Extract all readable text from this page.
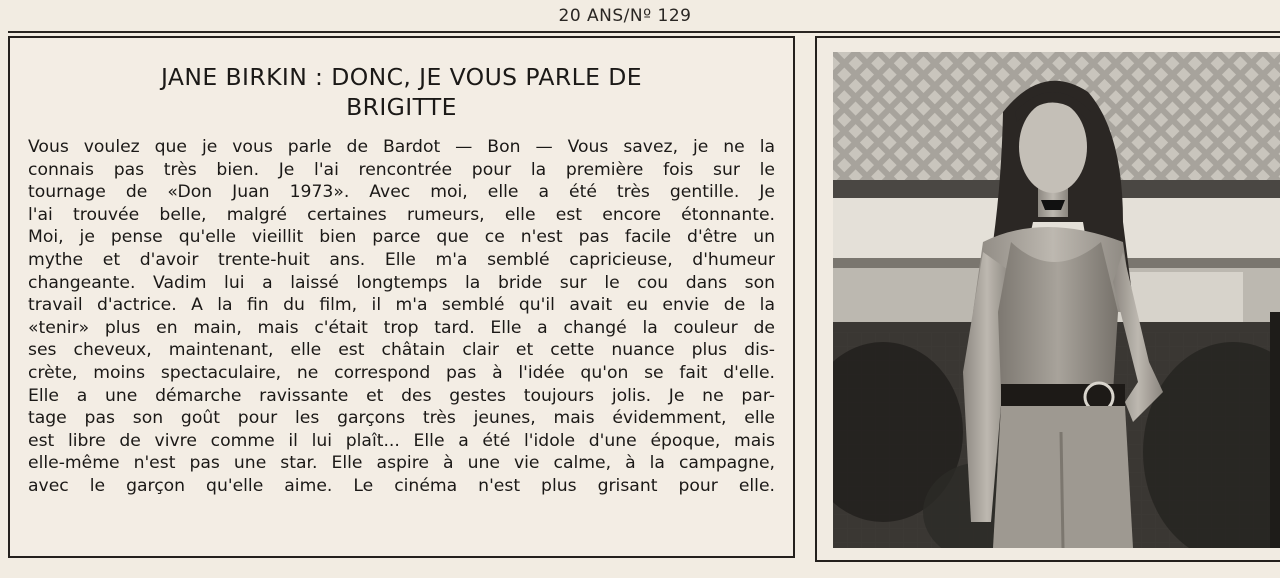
20 ANS/Nº 129
JANE BIRKIN : DONC, JE VOUS PARLE DE
BRIGITTE
Vous voulez que je vous parle de Bardot — Bon — Vous savez, je ne la
connais pas très bien. Je l'ai rencontrée pour la première fois sur le
tournage de «Don Juan 1973». Avec moi, elle a été très gentille. Je
l'ai trouvée belle, malgré certaines rumeurs, elle est encore étonnante.
Moi, je pense qu'elle vieillit bien parce que ce n'est pas facile d'être un
mythe et d'avoir trente-huit ans. Elle m'a semblé capricieuse, d'humeur
changeante. Vadim lui a laissé longtemps la bride sur le cou dans son
travail d'actrice. A la fin du film, il m'a semblé qu'il avait eu envie de la
«tenir» plus en main, mais c'était trop tard. Elle a changé la couleur de
ses cheveux, maintenant, elle est châtain clair et cette nuance plus dis-
crète, moins spectaculaire, ne correspond pas à l'idée qu'on se fait d'elle.
Elle a une démarche ravissante et des gestes toujours jolis. Je ne par-
tage pas son goût pour les garçons très jeunes, mais évidemment, elle
est libre de vivre comme il lui plaît... Elle a été l'idole d'une époque, mais
elle-même n'est pas une star. Elle aspire à une vie calme, à la campagne,
avec le garçon qu'elle aime. Le cinéma n'est plus grisant pour elle.
